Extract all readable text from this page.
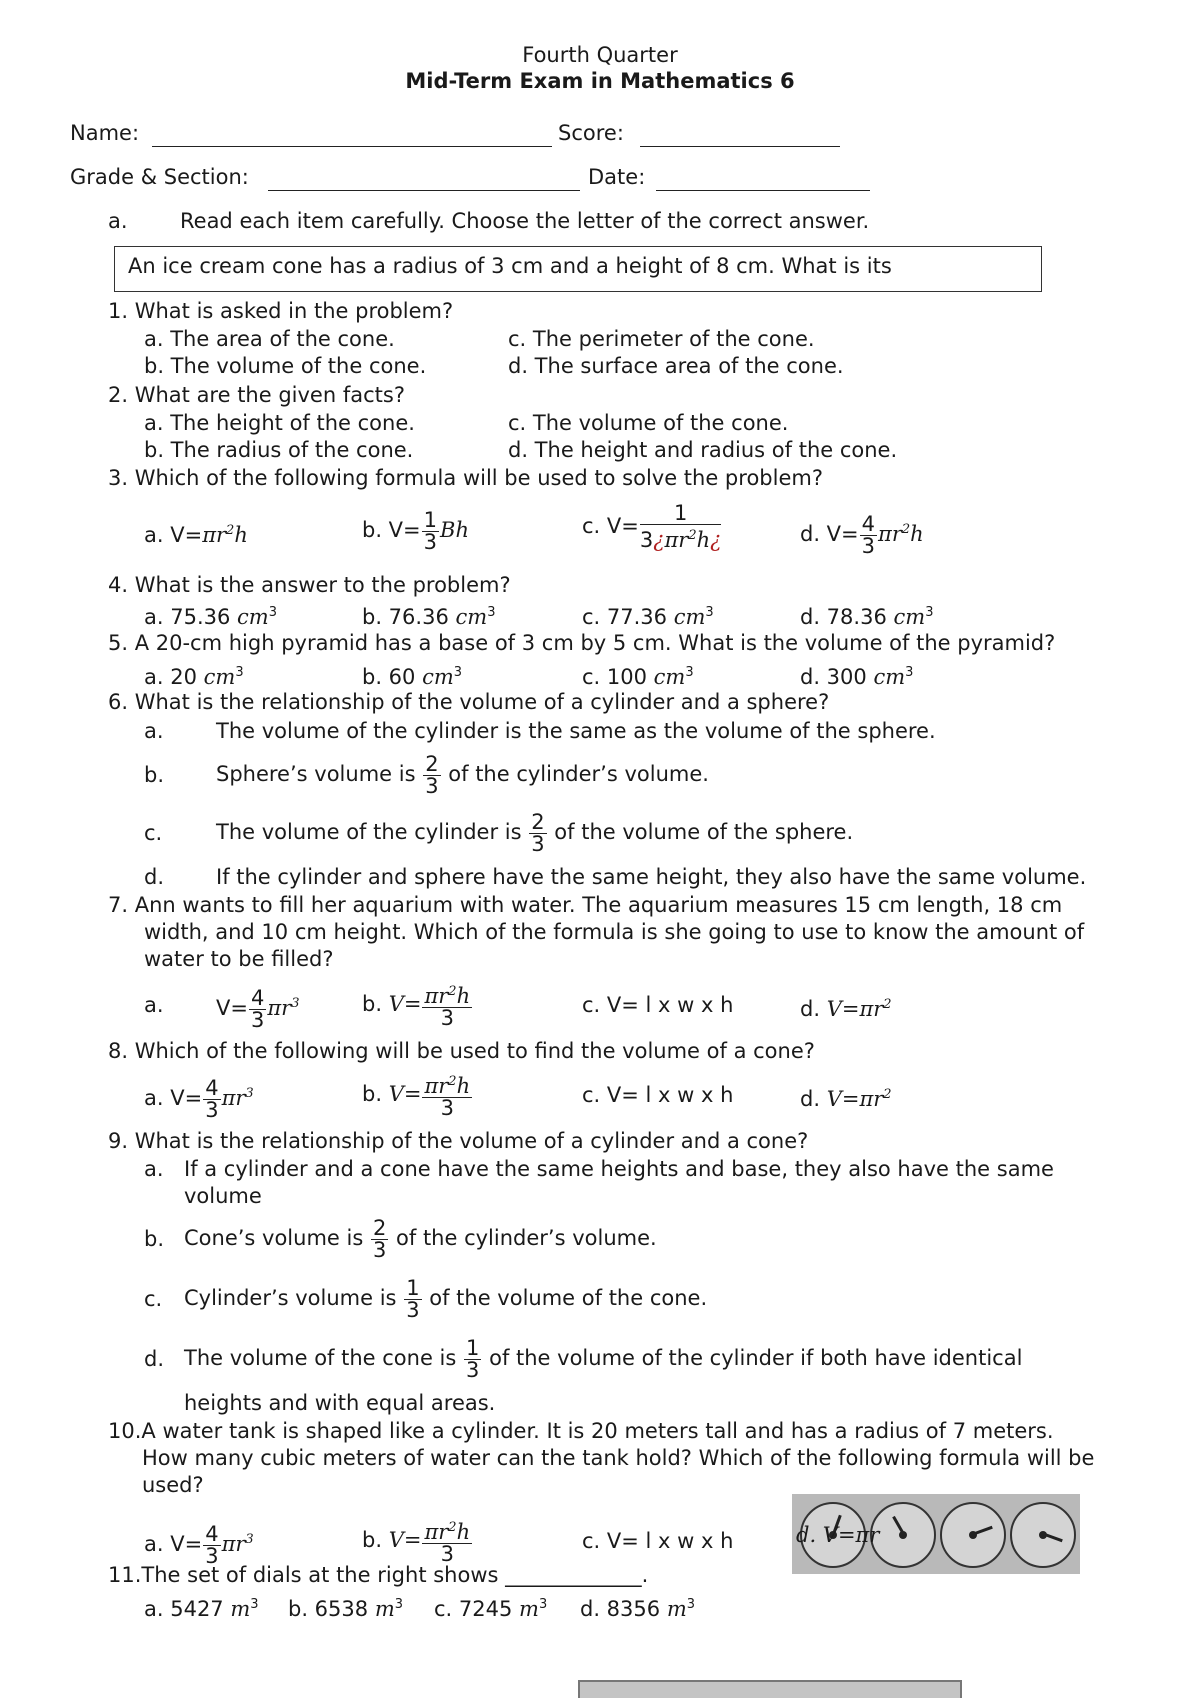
Fourth Quarter
Mid-Term Exam in Mathematics 6
Name:	Score:
Grade & Section:	Date:
a. Read each item carefully. Choose the letter of the correct answer.
An ice cream cone has a radius of 3 cm and a height of 8 cm. What is its
1. What is asked in the problem?
a. The area of the cone.	c. The perimeter of the cone.
b. The volume of the cone.	d. The surface area of the cone.
2. What are the given facts?
a. The height of the cone.	c. The volume of the cone.
b. The radius of the cone.	d. The height and radius of the cone.
3. Which of the following formula will be used to solve the problem?
a. $V=\pi r^2h$	b. $V= \frac{1}{3}$ Bh	c. $V= \frac{1}{3¿\pi r^2h¿}$	d. $V= \frac{4}{3} \pi r^2h$
4. What is the answer to the problem?
a. 75.36 $cm^3$	b. 76.36 $cm^3$	c. 77.36 $cm^3$	d. 78.36 $cm^3$
5. A 20-cm high pyramid has a base of 3 cm by 5 cm. What is the volume of the pyramid?
a. 20 $cm^3$	b. 60 $cm^3$	c. 100 $cm^3$	d. 300 $cm^3$
6. What is the relationship of the volume of a cylinder and a sphere?
a. The volume of the cylinder is the same as the volume of the sphere.
b. Sphere’s volume is $\frac{2}{3}$ of the cylinder’s volume.
c.	The volume of the cylinder is $\frac{2}{3}$ of the volume of the sphere.
d. If the cylinder and sphere have the same height, they also have the same volume.
7. Ann wants to fill her aquarium with water. The aquarium measures 15 cm length, 18 cm
width, and 10 cm height. Which of the formula is she going to use to know the amount of
water to be filled?
a. $V= \frac{4}{3} \pi r^3$	b. $V= \frac{\pi r^2h}{3}$	c. V= l x w x h	d. $V=\pi r^2$
8. Which of the following will be used to find the volume of a cone?
a. $V= \frac{4}{3} \pi r^3$	b. $V= \frac{\pi r^2h}{3}$	c. V= l x w x h	d. $V=\pi r^2$
9. What is the relationship of the volume of a cylinder and a cone?
a. If a cylinder and a cone have the same heights and base, they also have the same
volume
b. Cone’s volume is $\frac{2}{3}$ of the cylinder’s volume.
c. Cylinder’s volume is $\frac{1}{3}$ of the volume of the cone.
d. The volume of the cone is $\frac{1}{3}$ of the volume of the cylinder if both have identical
heights and with equal areas.
10.A water tank is shaped like a cylinder. It is 20 meters tall and has a radius of 7 meters.
How many cubic meters of water can the tank hold? Which of the following formula will be
used?
a. $V= \frac{4}{3} \pi r^3$	b. $V= \frac{\pi r^2h}{3}$	c. V= l x w x h	d. V=πr
11.The set of dials at the right shows _____________.
a. 5427 $m^3$ b. 6538 $m^3$ c. 7245 $m^3$ d. 8356 $m^3$
